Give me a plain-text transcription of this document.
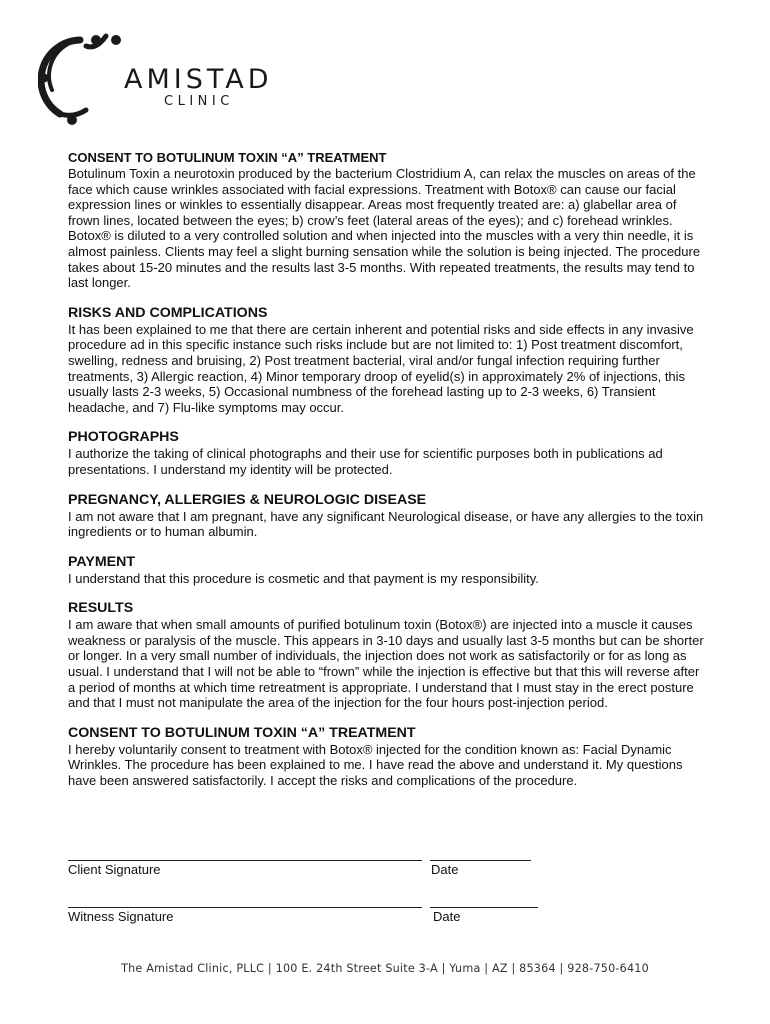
AMISTAD
CLINIC

CONSENT TO BOTULINUM TOXIN “A” TREATMENT

Botulinum Toxin a neurotoxin produced by the bacterium Clostridium A, can relax the muscles on areas of the face which cause wrinkles associated with facial expressions. Treatment with Botox® can cause our facial expression lines or winkles to essentially disappear. Areas most frequently treated are: a) glabellar area of frown lines, located between the eyes; b) crow’s feet (lateral areas of the eyes); and c) forehead wrinkles. Botox® is diluted to a very controlled solution and when injected into the muscles with a very thin needle, it is almost painless. Clients may feel a slight burning sensation while the solution is being injected. The procedure takes about 15-20 minutes and the results last 3-5 months. With repeated treatments, the results may tend to last longer.

RISKS AND COMPLICATIONS

It has been explained to me that there are certain inherent and potential risks and side effects in any invasive procedure ad in this specific instance such risks include but are not limited to: 1) Post treatment discomfort, swelling, redness and bruising, 2) Post treatment bacterial, viral and/or fungal infection requiring further treatments, 3) Allergic reaction, 4) Minor temporary droop of eyelid(s) in approximately 2% of injections, this usually lasts 2-3 weeks, 5) Occasional numbness of the forehead lasting up to 2-3 weeks, 6) Transient headache, and 7) Flu-like symptoms may occur.

PHOTOGRAPHS

I authorize the taking of clinical photographs and their use for scientific purposes both in publications ad presentations. I understand my identity will be protected.

PREGNANCY, ALLERGIES & NEUROLOGIC DISEASE

I am not aware that I am pregnant, have any significant Neurological disease, or have any allergies to the toxin ingredients or to human albumin.

PAYMENT

I understand that this procedure is cosmetic and that payment is my responsibility.

RESULTS

I am aware that when small amounts of purified botulinum toxin (Botox®) are injected into a muscle it causes weakness or paralysis of the muscle. This appears in 3-10 days and usually last 3-5 months but can be shorter or longer. In a very small number of individuals, the injection does not work as satisfactorily or for as long as usual. I understand that I will not be able to “frown” while the injection is effective but that this will reverse after a period of months at which time retreatment is appropriate. I understand that I must stay in the erect posture and that I must not manipulate the area of the injection for the four hours post-injection period.

CONSENT TO BOTULINUM TOXIN “A” TREATMENT

I hereby voluntarily consent to treatment with Botox® injected for the condition known as: Facial Dynamic Wrinkles. The procedure has been explained to me. I have read the above and understand it. My questions have been answered satisfactorily. I accept the risks and complications of the procedure.

Client Signature	Date
Witness Signature	Date
The Amistad Clinic, PLLC | 100 E. 24th Street Suite 3-A | Yuma | AZ | 85364 | 928-750-6410
